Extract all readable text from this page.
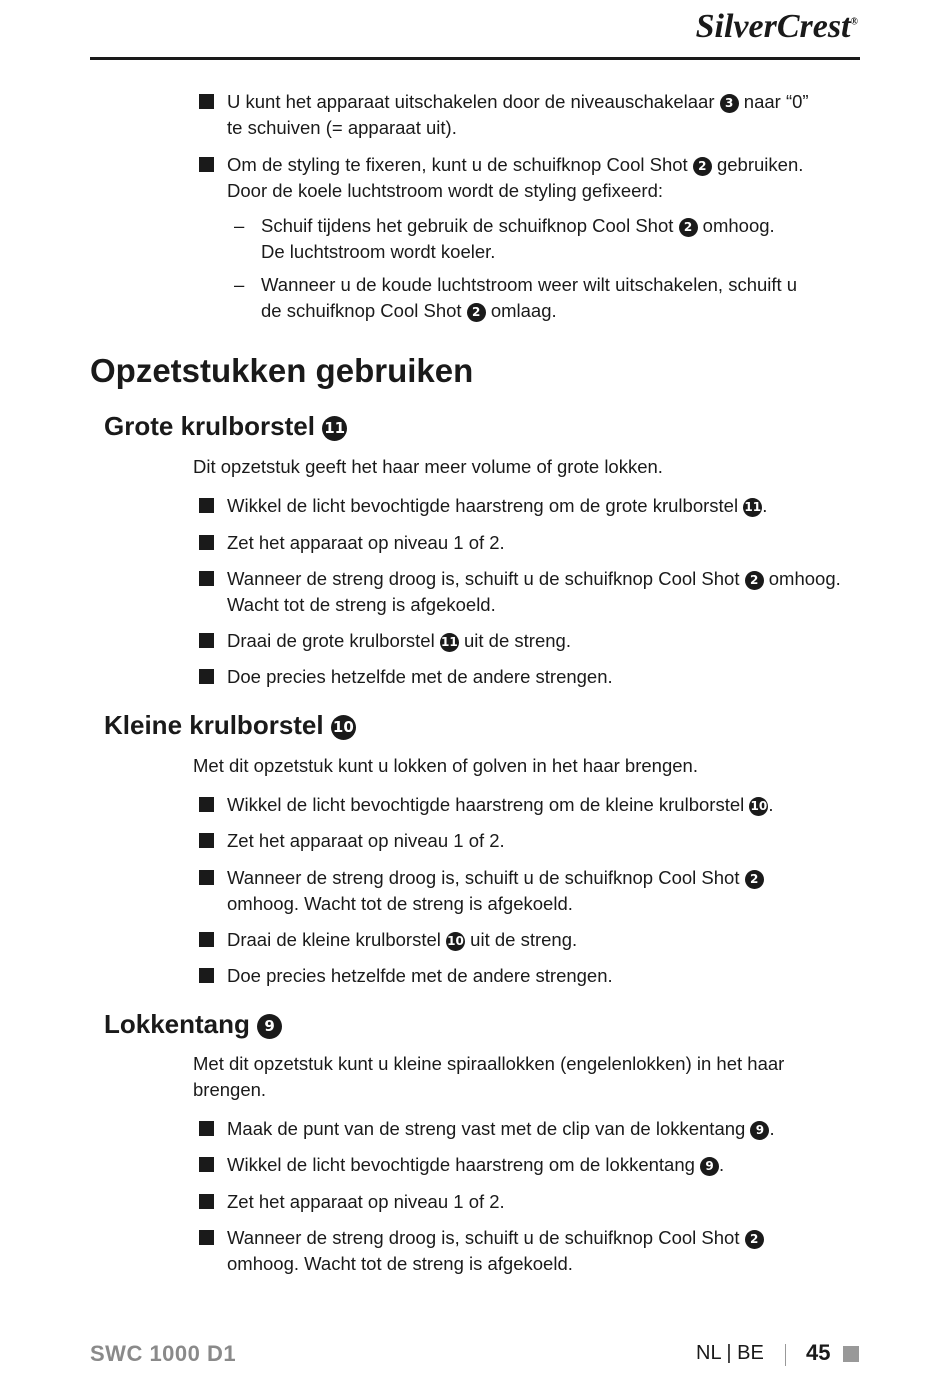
SilverCrest®
U kunt het apparaat uitschakelen door de niveauschakelaar 3 naar “0”
te schuiven (= apparaat uit).
Om de styling te fixeren, kunt u de schuifknop Cool Shot 2 gebruiken.
Door de koele luchtstroom wordt de styling gefixeerd:
– Schuif tijdens het gebruik de schuifknop Cool Shot 2 omhoog.
De luchtstroom wordt koeler.
– Wanneer u de koude luchtstroom weer wilt uitschakelen, schuift u
de schuifknop Cool Shot 2 omlaag.
Opzetstukken gebruiken
Grote krulborstel 11
Dit opzetstuk geeft het haar meer volume of grote lokken.
Wikkel de licht bevochtigde haarstreng om de grote krulborstel 11.
Zet het apparaat op niveau 1 of 2.
Wanneer de streng droog is, schuift u de schuifknop Cool Shot 2 omhoog.
Wacht tot de streng is afgekoeld.
Draai de grote krulborstel 11 uit de streng.
Doe precies hetzelfde met de andere strengen.
Kleine krulborstel 10
Met dit opzetstuk kunt u lokken of golven in het haar brengen.
Wikkel de licht bevochtigde haarstreng om de kleine krulborstel 10.
Zet het apparaat op niveau 1 of 2.
Wanneer de streng droog is, schuift u de schuifknop Cool Shot 2
omhoog. Wacht tot de streng is afgekoeld.
Draai de kleine krulborstel 10 uit de streng.
Doe precies hetzelfde met de andere strengen.
Lokkentang 9
Met dit opzetstuk kunt u kleine spiraallokken (engelenlokken) in het haar
brengen.
Maak de punt van de streng vast met de clip van de lokkentang 9 .
Wikkel de licht bevochtigde haarstreng om de lokkentang 9 .
Zet het apparaat op niveau 1 of 2.
Wanneer de streng droog is, schuift u de schuifknop Cool Shot 2
omhoog. Wacht tot de streng is afgekoeld.
SWC 1000 D1	NL | BE 45
